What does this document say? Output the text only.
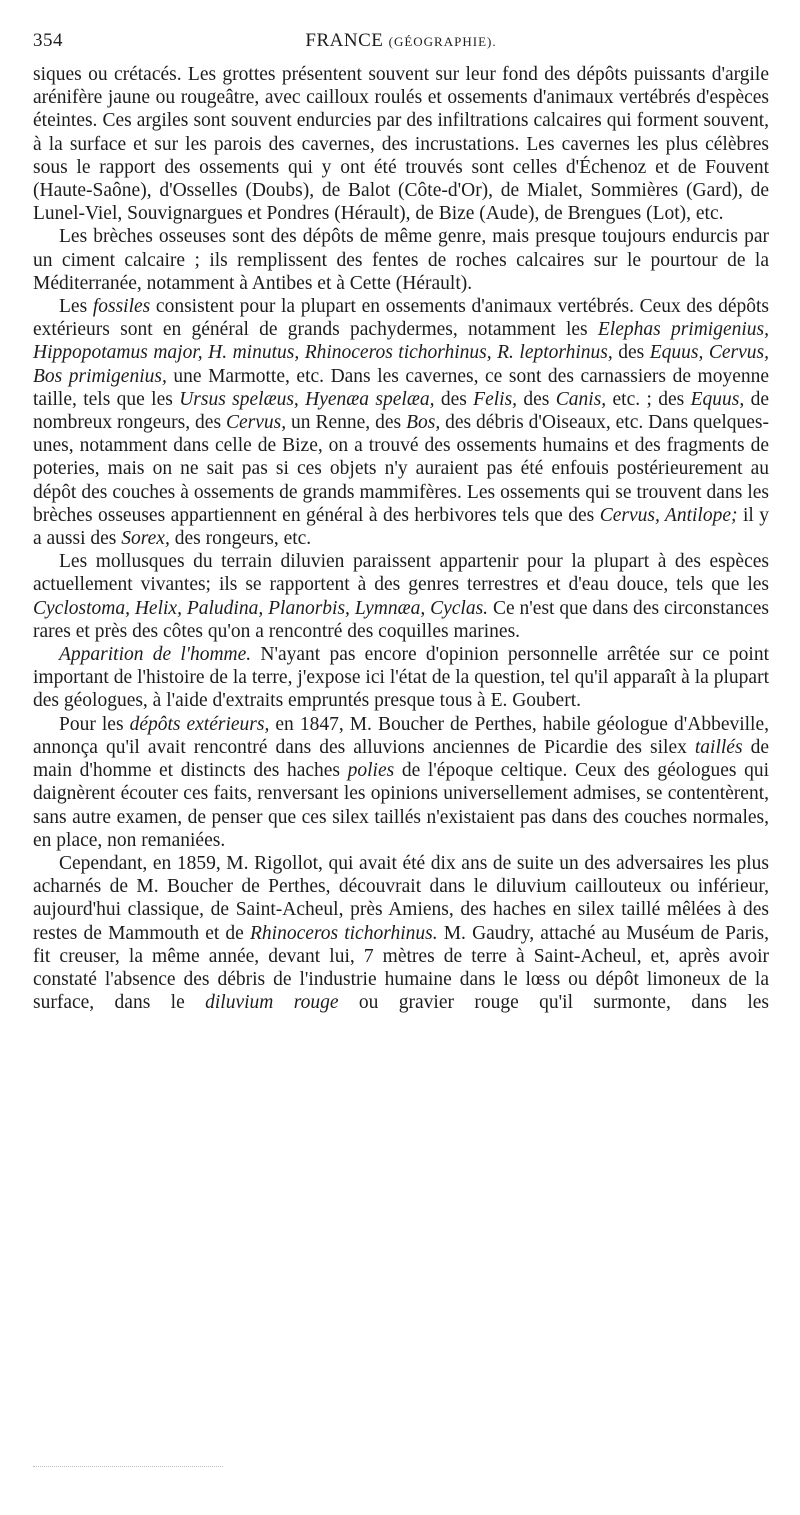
354	FRANCE (GÉOGRAPHIE).

siques ou crétacés. Les grottes présentent souvent sur leur fond des dépôts puissants d'argile arénifère jaune ou rougeâtre, avec cailloux roulés et ossements d'animaux vertébrés d'espèces éteintes. Ces argiles sont souvent endurcies par des infiltrations calcaires qui forment souvent, à la surface et sur les parois des cavernes, des incrustations. Les cavernes les plus célèbres sous le rapport des ossements qui y ont été trouvés sont celles d'Échenoz et de Fouvent (Haute-Saône), d'Osselles (Doubs), de Balot (Côte-d'Or), de Mialet, Sommières (Gard), de Lunel-Viel, Souvignargues et Pondres (Hérault), de Bize (Aude), de Brengues (Lot), etc.

Les brèches osseuses sont des dépôts de même genre, mais presque toujours endurcis par un ciment calcaire ; ils remplissent des fentes de roches calcaires sur le pourtour de la Méditerranée, notamment à Antibes et à Cette (Hérault).

Les fossiles consistent pour la plupart en ossements d'animaux vertébrés. Ceux des dépôts extérieurs sont en général de grands pachydermes, notamment les Elephas primigenius, Hippopotamus major, H. minutus, Rhinoceros tichorhinus, R. leptorhinus, des Equus, Cervus, Bos primigenius, une Marmotte, etc. Dans les cavernes, ce sont des carnassiers de moyenne taille, tels que les Ursus spelæus, Hyenæa spelæa, des Felis, des Canis, etc. ; des Equus, de nombreux rongeurs, des Cervus, un Renne, des Bos, des débris d'Oiseaux, etc. Dans quelques-unes, notamment dans celle de Bize, on a trouvé des ossements humains et des fragments de poteries, mais on ne sait pas si ces objets n'y auraient pas été enfouis postérieurement au dépôt des couches à ossements de grands mammifères. Les ossements qui se trouvent dans les brèches osseuses appartiennent en général à des herbivores tels que des Cervus, Antilope; il y a aussi des Sorex, des rongeurs, etc.

Les mollusques du terrain diluvien paraissent appartenir pour la plupart à des espèces actuellement vivantes; ils se rapportent à des genres terrestres et d'eau douce, tels que les Cyclostoma, Helix, Paludina, Planorbis, Lymnæa, Cyclas. Ce n'est que dans des circonstances rares et près des côtes qu'on a rencontré des coquilles marines.

Apparition de l'homme. N'ayant pas encore d'opinion personnelle arrêtée sur ce point important de l'histoire de la terre, j'expose ici l'état de la question, tel qu'il apparaît à la plupart des géologues, à l'aide d'extraits empruntés presque tous à E. Goubert.

Pour les dépôts extérieurs, en 1847, M. Boucher de Perthes, habile géologue d'Abbeville, annonça qu'il avait rencontré dans des alluvions anciennes de Picardie des silex taillés de main d'homme et distincts des haches polies de l'époque celtique. Ceux des géologues qui daignèrent écouter ces faits, renversant les opinions universellement admises, se contentèrent, sans autre examen, de penser que ces silex taillés n'existaient pas dans des couches normales, en place, non remaniées.

Cependant, en 1859, M. Rigollot, qui avait été dix ans de suite un des adversaires les plus acharnés de M. Boucher de Perthes, découvrait dans le diluvium caillouteux ou inférieur, aujourd'hui classique, de Saint-Acheul, près Amiens, des haches en silex taillé mêlées à des restes de Mammouth et de Rhinoceros tichorhinus. M. Gaudry, attaché au Muséum de Paris, fit creuser, la même année, devant lui, 7 mètres de terre à Saint-Acheul, et, après avoir constaté l'absence des débris de l'industrie humaine dans le lœss ou dépôt limoneux de la surface, dans le diluvium rouge ou gravier rouge qu'il surmonte, dans les
